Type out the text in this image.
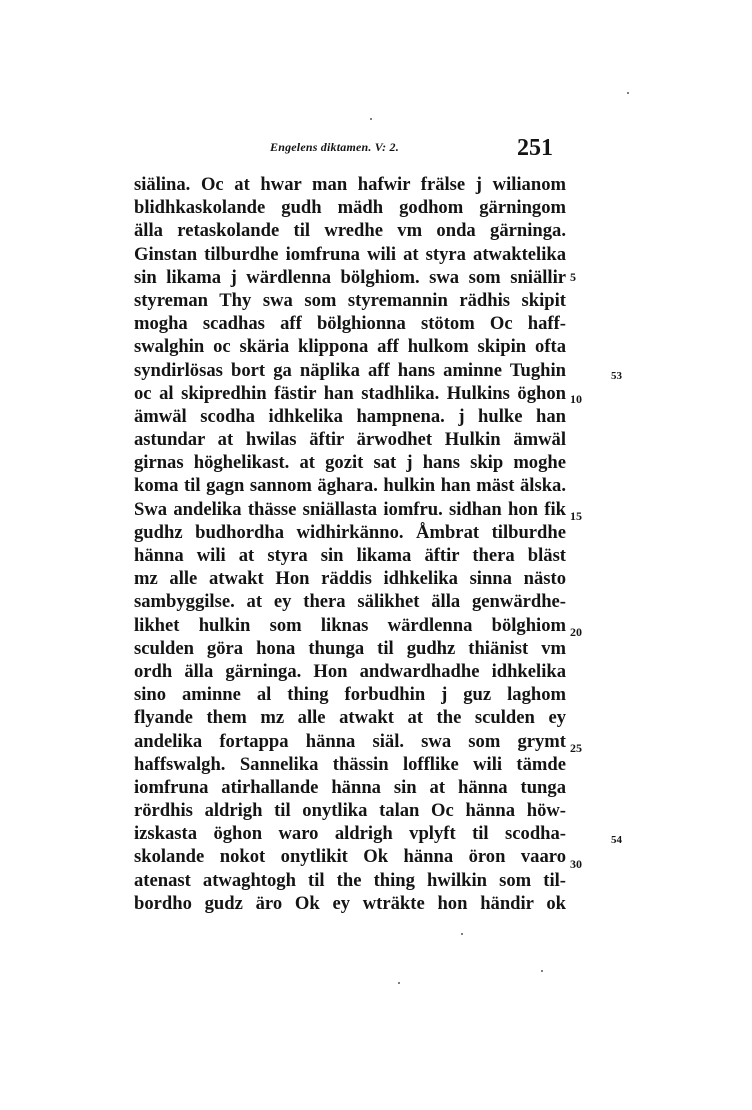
Engelens diktamen. V: 2.	251
siälina. Oc at hwar man hafwir frälse j wilianom
blidhkaskolande gudh mädh godhom gärningom
älla retaskolande til wredhe vm onda gärninga.
Ginstan tilburdhe iomfruna wili at styra atwaktelika
sin likama j wärdlenna bölghiom. swa som sniällir
styreman Thy swa som styremannin rädhis skipit
mogha scadhas aff bölghionna stötom Oc haff-
swalghin oc skäria klippona aff hulkom skipin ofta
syndirlösas bort ga näplika aff hans aminne Tughin
oc al skipredhin fästir han stadhlika. Hulkins öghon
ämwäl scodha idhkelika hampnena. j hulke han
astundar at hwilas äftir ärwodhet Hulkin ämwäl
girnas höghelikast. at gozit sat j hans skip moghe
koma til gagn sannom äghara. hulkin han mäst älska.
Swa andelika thässe sniällasta iomfru. sidhan hon fik
gudhz budhordha widhirkänno. Åmbrat tilburdhe
hänna wili at styra sin likama äftir thera bläst
mz alle atwakt Hon räddis idhkelika sinna nästo
sambyggilse. at ey thera sälikhet älla genwärdhe-
likhet hulkin som liknas wärdlenna bölghiom
sculden göra hona thunga til gudhz thiänist vm
ordh älla gärninga. Hon andwardhadhe idhkelika
sino aminne al thing forbudhin j guz laghom
flyande them mz alle atwakt at the sculden ey
andelika fortappa hänna siäl. swa som grymt
haffswalgh. Sannelika thässin lofflike wili tämde
iomfruna atirhallande hänna sin at hänna tunga
rördhis aldrigh til onytlika talan Oc hänna höw-
izskasta öghon waro aldrigh vplyft til scodha-
skolande nokot onytlikit Ok hänna öron vaaro
atenast atwaghtogh til the thing hwilkin som til-
bordho gudz äro Ok ey wträkte hon händir ok
5
10
15
20
25
30
53
54
